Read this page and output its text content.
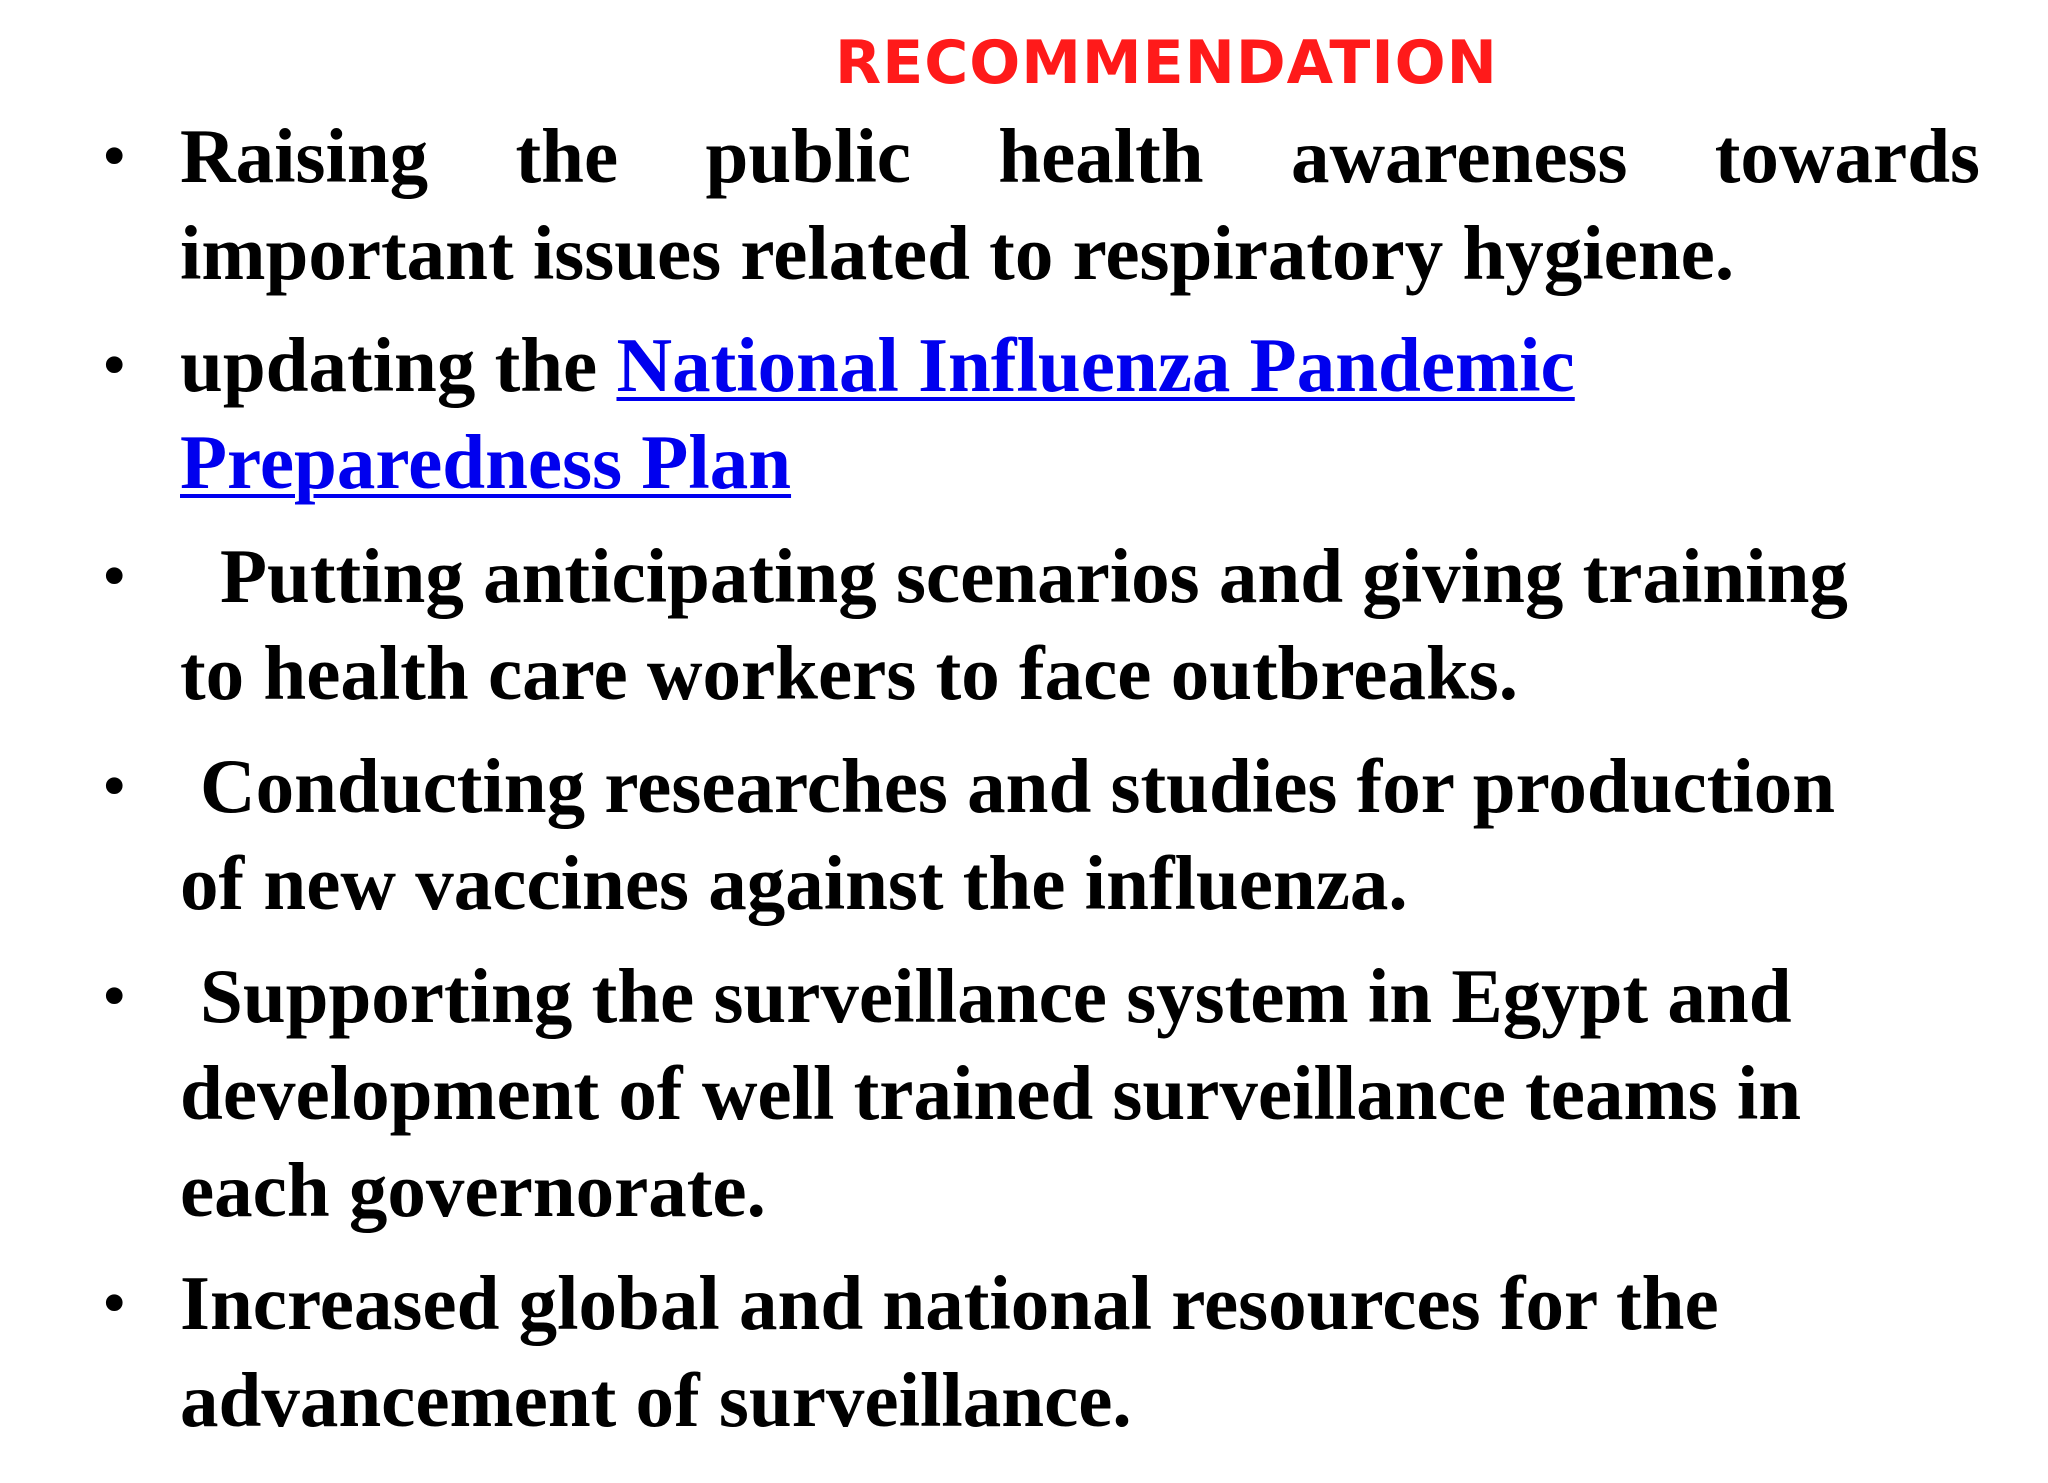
RECOMMENDATION
• Raising the public health awareness towards
important issues related to respiratory hygiene.
• updating the National Influenza Pandemic
Preparedness Plan
•	Putting anticipating scenarios and giving training
to health care workers to face outbreaks.
• Conducting researches and studies for production
of new vaccines against the influenza.
• Supporting the surveillance system in Egypt and
development of well trained surveillance teams in
each governorate.
• Increased global and national resources for the
advancement of surveillance.
